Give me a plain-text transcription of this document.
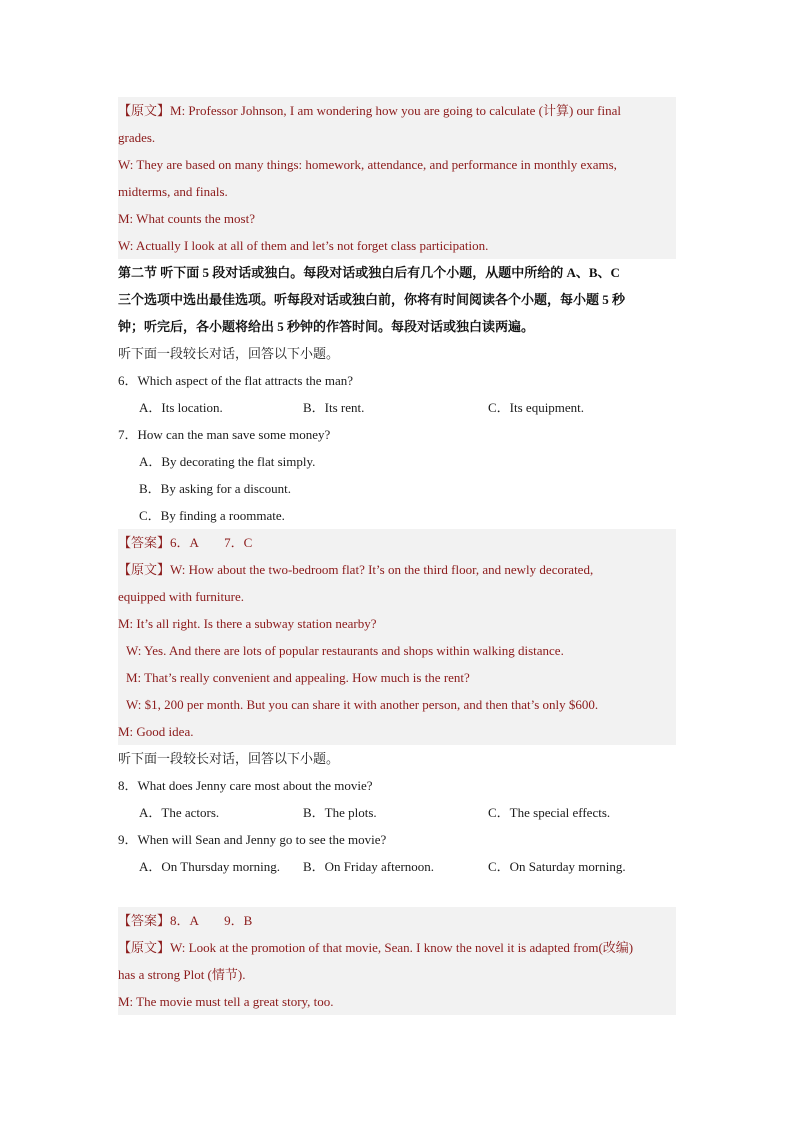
【原文】M: Professor Johnson, I am wondering how you are going to calculate (计算) our final
grades.
W: They are based on many things: homework, attendance, and performance in monthly exams,
midterms, and finals.
M: What counts the most?
W: Actually I look at all of them and let’s not forget class participation.
第二节 听下面 5 段对话或独白。每段对话或独白后有几个小题，从题中所给的 A、B、C
三个选项中选出最佳选项。听每段对话或独白前，你将有时间阅读各个小题，每小题 5 秒
钟；听完后，各小题将给出 5 秒钟的作答时间。每段对话或独白读两遍。
听下面一段较长对话，回答以下小题。
6．Which aspect of the flat attracts the man?
A．Its location.	B．Its rent.	C．Its equipment.
7．How can the man save some money?
A．By decorating the flat simply.
B．By asking for a discount.
C．By finding a roommate.
【答案】6．A　　7．C
【原文】W: How about the two-bedroom flat? It’s on the third floor, and newly decorated,
equipped with furniture.
M: It’s all right. Is there a subway station nearby?
W: Yes. And there are lots of popular restaurants and shops within walking distance.
M: That’s really convenient and appealing. How much is the rent?
W: $1, 200 per month. But you can share it with another person, and then that’s only $600.
M: Good idea.
听下面一段较长对话，回答以下小题。
8．What does Jenny care most about the movie?
A．The actors.	B．The plots.	C．The special effects.
9．When will Sean and Jenny go to see the movie?
A．On Thursday morning. B．On Friday afternoon.	C．On Saturday morning.
【答案】8．A　　9．B
【原文】W: Look at the promotion of that movie, Sean. I know the novel it is adapted from(改编)
has a strong Plot (情节).
M: The movie must tell a great story, too.
